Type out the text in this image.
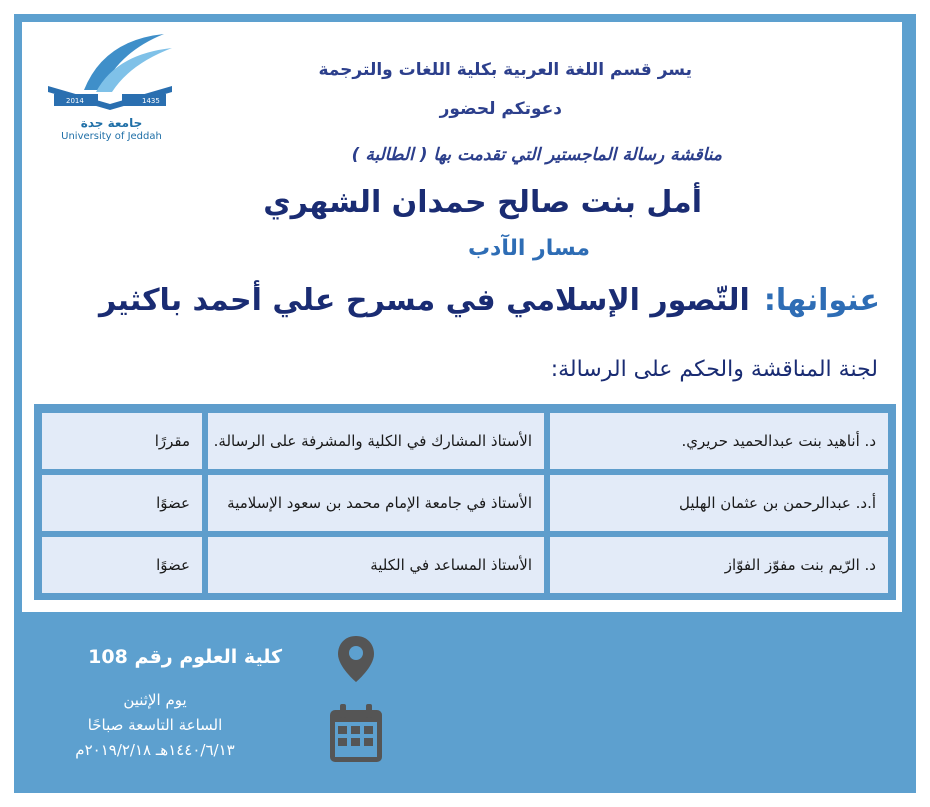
2014	1435
جامعة جدة
University of Jeddah
يسر قسم اللغة العربية بكلية اللغات والترجمة
دعوتكم لحضور
مناقشة رسالة الماجستير التي تقدمت بها ( الطالبة )
أمل بنت صالح حمدان الشهري
مسار الآدب
عنوانها:التّصور الإسلامي في مسرح علي أحمد باكثير
لجنة المناقشة والحكم على الرسالة:
د. أناهيد بنت عبدالحميد حريري.
الأستاذ المشارك في الكلية والمشرفة على الرسالة.
مقررًا
أ.د. عبدالرحمن بن عثمان الهليل
الأستاذ في جامعة الإمام محمد بن سعود الإسلامية
عضوًا
د. الرّيم بنت مفوّز الفوّاز
الأستاذ المساعد في الكلية
عضوًا
كلية العلوم رقم 108
يوم الإثنين
الساعة التاسعة صباحًا
١٤٤٠/٦/١٣هـ ٢٠١٩/٢/١٨م
